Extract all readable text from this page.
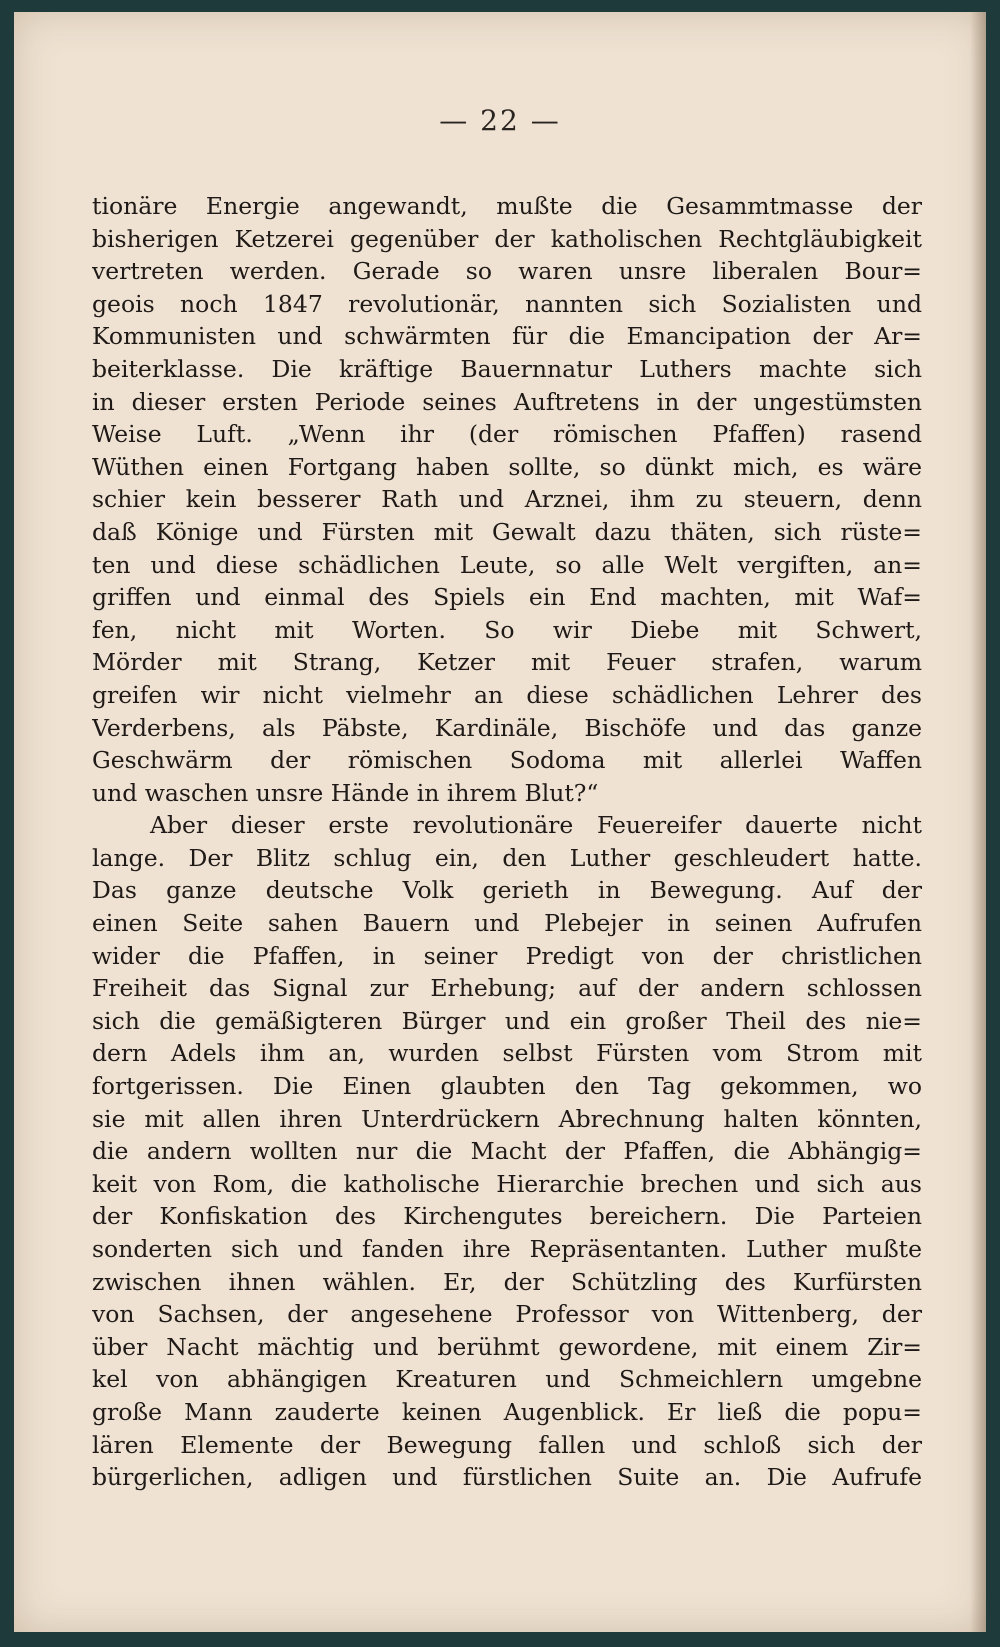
— 22 —
tionäre Energie angewandt, mußte die Gesammtmasse der
bisherigen Ketzerei gegenüber der katholischen Rechtgläubigkeit
vertreten werden. Gerade so waren unsre liberalen Bour=
geois noch 1847 revolutionär, nannten sich Sozialisten und
Kommunisten und schwärmten für die Emancipation der Ar=
beiterklasse. Die kräftige Bauernnatur Luthers machte sich
in dieser ersten Periode seines Auftretens in der ungestümsten
Weise Luft. „Wenn ihr (der römischen Pfaffen) rasend
Wüthen einen Fortgang haben sollte, so dünkt mich, es wäre
schier kein besserer Rath und Arznei, ihm zu steuern, denn
daß Könige und Fürsten mit Gewalt dazu thäten, sich rüste=
ten und diese schädlichen Leute, so alle Welt vergiften, an=
griffen und einmal des Spiels ein End machten, mit Waf=
fen, nicht mit Worten. So wir Diebe mit Schwert,
Mörder mit Strang, Ketzer mit Feuer strafen, warum
greifen wir nicht vielmehr an diese schädlichen Lehrer des
Verderbens, als Päbste, Kardinäle, Bischöfe und das ganze
Geschwärm der römischen Sodoma mit allerlei Waffen
und waschen unsre Hände in ihrem Blut?“
Aber dieser erste revolutionäre Feuereifer dauerte nicht
lange. Der Blitz schlug ein, den Luther geschleudert hatte.
Das ganze deutsche Volk gerieth in Bewegung. Auf der
einen Seite sahen Bauern und Plebejer in seinen Aufrufen
wider die Pfaffen, in seiner Predigt von der christlichen
Freiheit das Signal zur Erhebung; auf der andern schlossen
sich die gemäßigteren Bürger und ein großer Theil des nie=
dern Adels ihm an, wurden selbst Fürsten vom Strom mit
fortgerissen. Die Einen glaubten den Tag gekommen, wo
sie mit allen ihren Unterdrückern Abrechnung halten könnten,
die andern wollten nur die Macht der Pfaffen, die Abhängig=
keit von Rom, die katholische Hierarchie brechen und sich aus
der Konfiskation des Kirchengutes bereichern. Die Parteien
sonderten sich und fanden ihre Repräsentanten. Luther mußte
zwischen ihnen wählen. Er, der Schützling des Kurfürsten
von Sachsen, der angesehene Professor von Wittenberg, der
über Nacht mächtig und berühmt gewordene, mit einem Zir=
kel von abhängigen Kreaturen und Schmeichlern umgebne
große Mann zauderte keinen Augenblick. Er ließ die popu=
lären Elemente der Bewegung fallen und schloß sich der
bürgerlichen, adligen und fürstlichen Suite an. Die Aufrufe
